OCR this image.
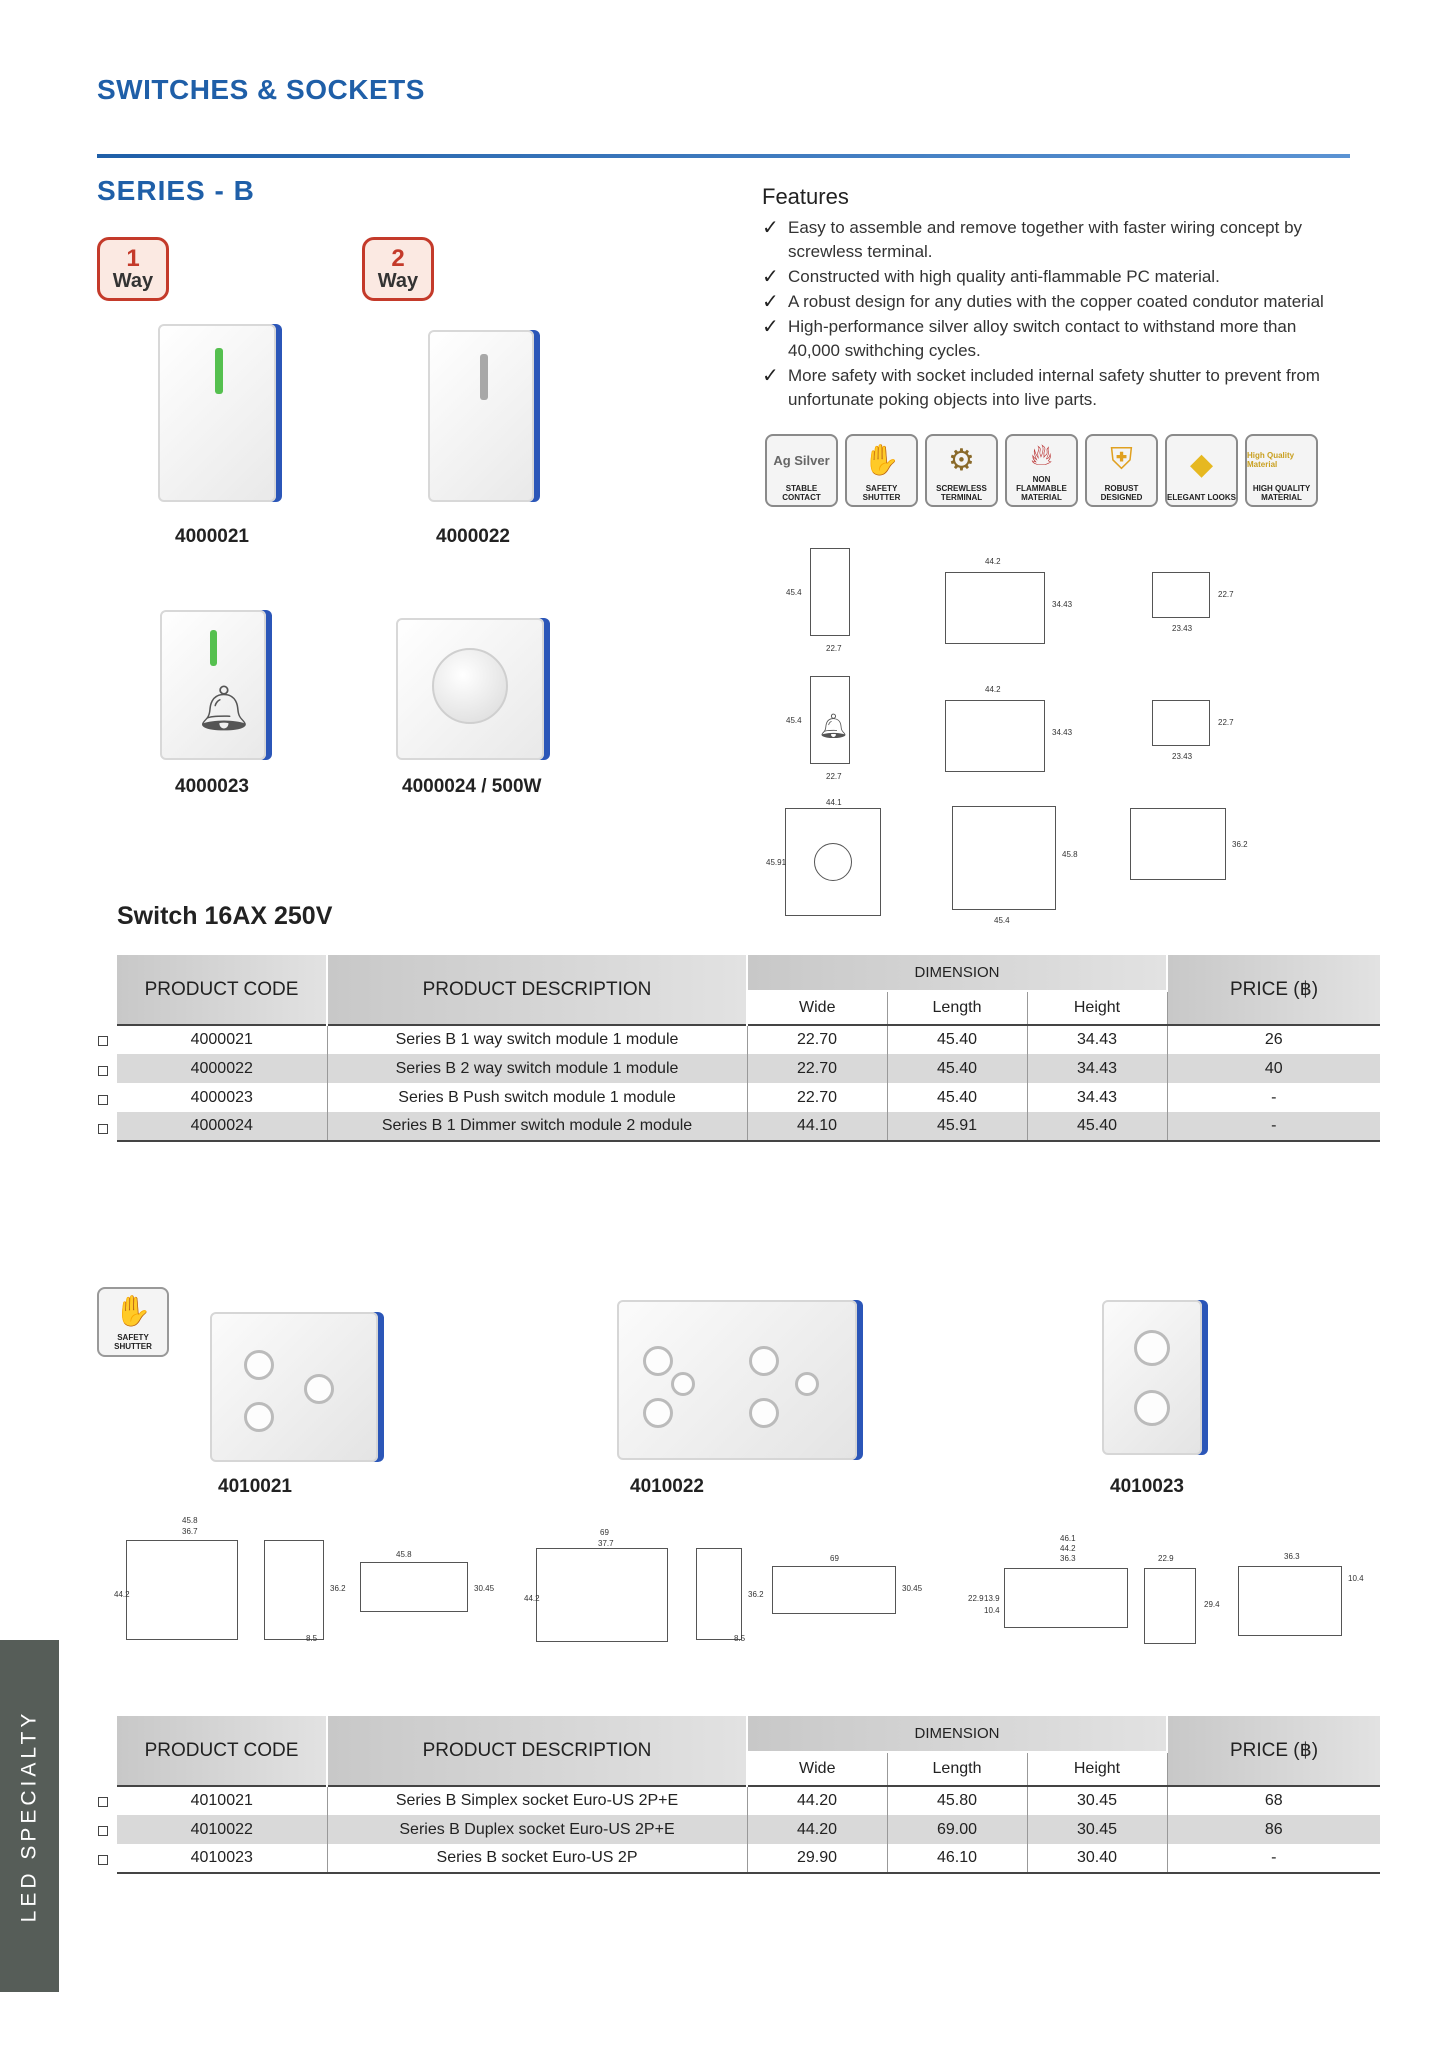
SWITCHES & SOCKETS
SERIES - B
1
Way
2
Way
4000021	4000022
🔔︎
4000023	4000024 / 500W
Features
✓ Easy to assemble and remove together with faster wiring concept by screwless terminal.
✓ Constructed with high quality anti-flammable PC material.
✓ A robust design for any duties with the copper coated condutor material
✓ High-performance silver alloy switch contact to withstand more than 40,000 swithching cycles.
✓ More safety with socket included internal safety shutter to prevent from unfortunate poking objects into live parts.
Ag Silver
STABLE CONTACT
✋
SAFETY SHUTTER
⚙
SCREWLESS TERMINAL
🔥︎
NON FLAMMABLE MATERIAL
⛨
ROBUST DESIGNED
◆
ELEGANT LOOKS
High Quality Material
HIGH QUALITY MATERIAL
45.4
22.7
44.2
34.43
22.7
23.43
🔔︎
45.4
22.7
44.2
34.43
22.7
23.43
44.1
45.91
45.8
45.4
36.2
Switch 16AX 250V
PRODUCT CODE	PRODUCT DESCRIPTION	DIMENSION			PRICE (฿)
		Wide	Length	Height	
4000021	Series B 1 way switch module 1 module	22.70	45.40	34.43	26
4000022	Series B 2 way switch module 1 module	22.70	45.40	34.43	40
4000023	Series B Push switch module 1 module	22.70	45.40	34.43	-
4000024	Series B 1 Dimmer switch module 2 module	44.10	45.91	45.40	-
✋
SAFETY SHUTTER
4010021	4010022	4010023
45.8
36.7
44.2
36.2
45.8
30.45
8.5
69
37.7
44.2	36.2
69
30.45
8.5
46.1
44.2
36.3
22.9 13.9
10.4
22.9
29.4
36.3
10.4
PRODUCT CODE	PRODUCT DESCRIPTION	DIMENSION			PRICE (฿)
		Wide	Length	Height	
4010021	Series B Simplex socket Euro-US 2P+E	44.20	45.80	30.45	68
4010022	Series B Duplex socket Euro-US 2P+E	44.20	69.00	30.45	86
4010023	Series B socket Euro-US 2P	29.90	46.10	30.40	-
LED SPECIALTY
